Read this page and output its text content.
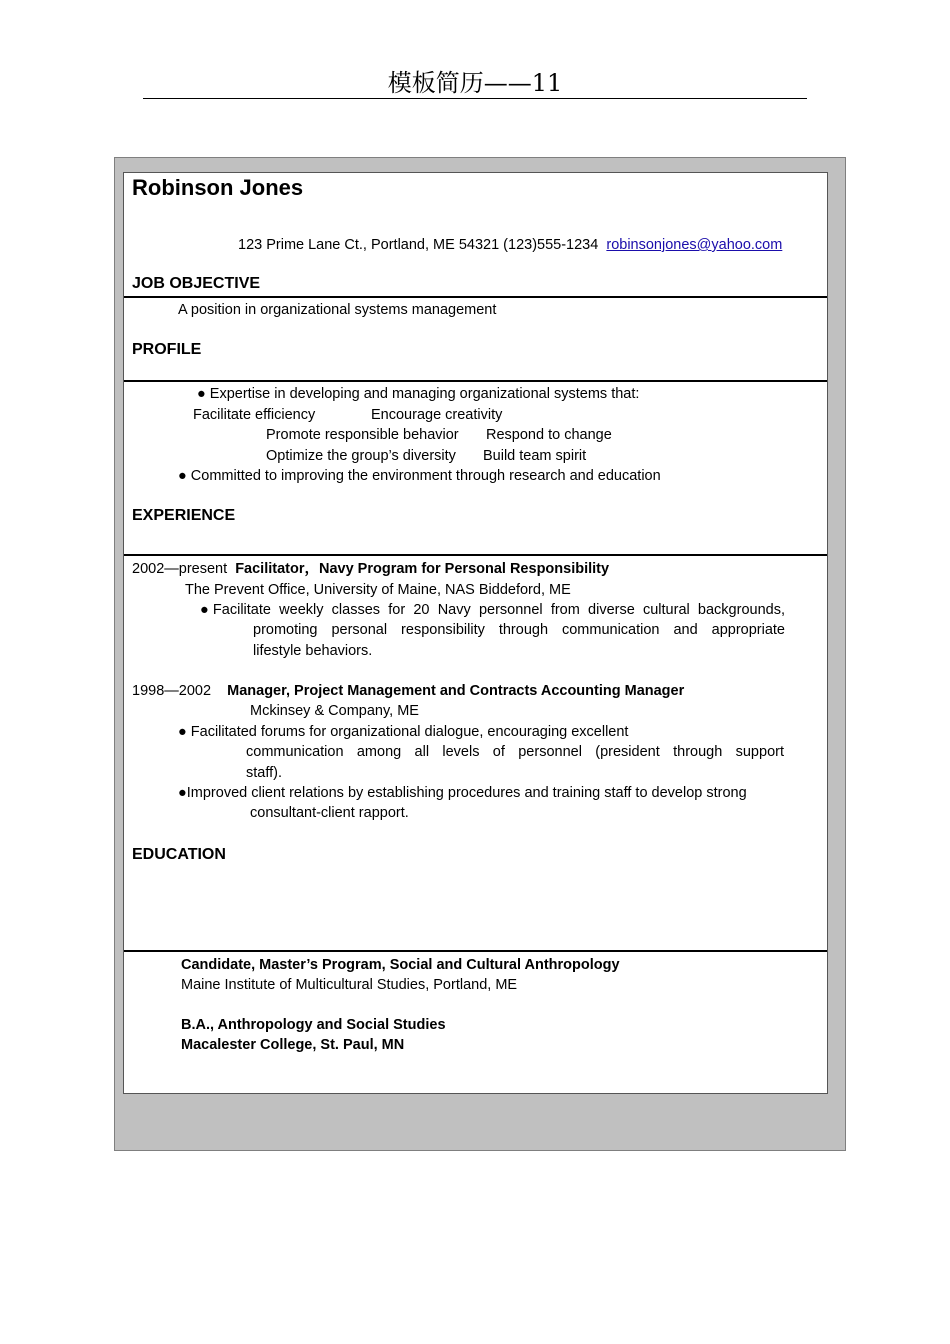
模板简历——11
Robinson Jones
123 Prime Lane Ct., Portland, ME 54321 (123)555-1234 robinsonjones@yahoo.com
JOB OBJECTIVE
A position in organizational systems management
PROFILE
● Expertise in developing and managing organizational systems that:
Facilitate efficiency	Encourage creativity
Promote responsible behavior Respond to change
Optimize the group’s diversity Build team spirit
● Committed to improving the environment through research and education
EXPERIENCE
2002—present Facilitator，Navy Program for Personal Responsibility
The Prevent Office, University of Maine, NAS Biddeford, ME
●Facilitate weekly classes for 20 Navy personnel from diverse cultural backgrounds,
promoting personal responsibility through communication and appropriate
lifestyle behaviors.
1998—2002 Manager, Project Management and Contracts Accounting Manager
Mckinsey & Company, ME
● Facilitated forums for organizational dialogue, encouraging excellent
communication among all levels of personnel (president through support
staff).
●Improved client relations by establishing procedures and training staff to develop strong
consultant-client rapport.
EDUCATION
Candidate, Master’s Program, Social and Cultural Anthropology
Maine Institute of Multicultural Studies, Portland, ME
B.A., Anthropology and Social Studies
Macalester College, St. Paul, MN
